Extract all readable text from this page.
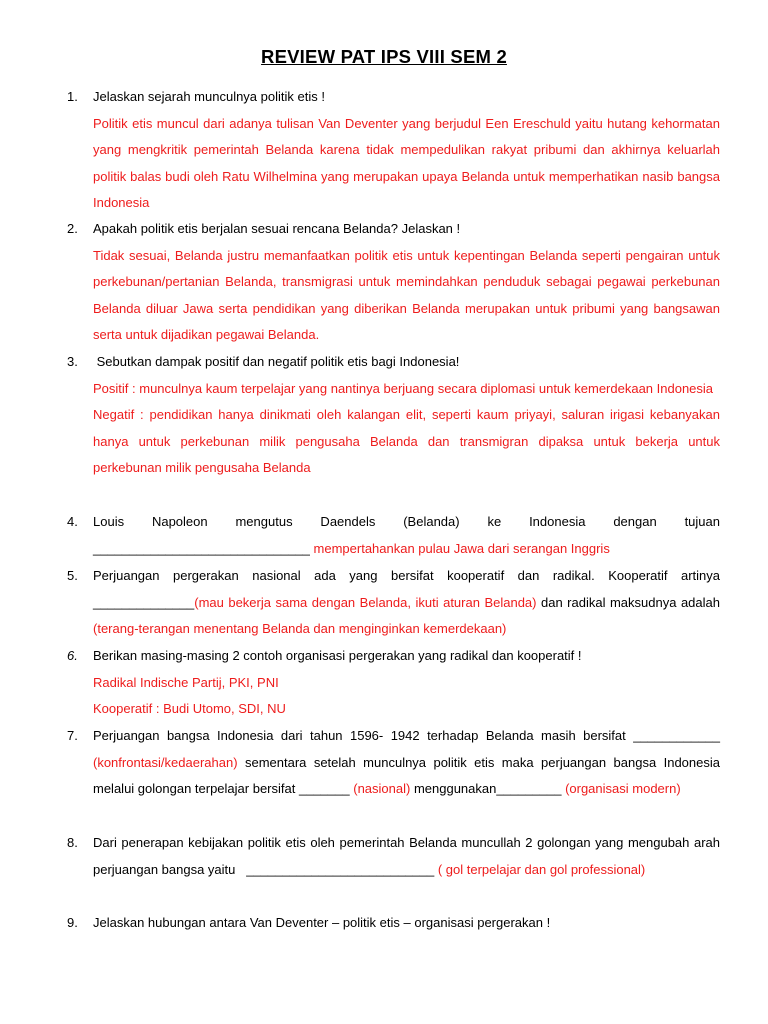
REVIEW PAT IPS VIII SEM 2
1. Jelaskan sejarah munculnya politik etis !

Politik etis muncul dari adanya tulisan Van Deventer yang berjudul Een Ereschuld yaitu hutang kehormatan yang mengkritik pemerintah Belanda karena tidak mempedulikan rakyat pribumi dan akhirnya keluarlah politik balas budi oleh Ratu Wilhelmina yang merupakan upaya Belanda untuk memperhatikan nasib bangsa Indonesia

2. Apakah politik etis berjalan sesuai rencana Belanda? Jelaskan !

Tidak sesuai, Belanda justru memanfaatkan politik etis untuk kepentingan Belanda seperti pengairan untuk perkebunan/pertanian Belanda, transmigrasi untuk memindahkan penduduk sebagai pegawai perkebunan Belanda diluar Jawa serta pendidikan yang diberikan Belanda merupakan untuk pribumi yang bangsawan serta untuk dijadikan pegawai Belanda.

3. Sebutkan dampak positif dan negatif politik etis bagi Indonesia!

Positif : munculnya kaum terpelajar yang nantinya berjuang secara diplomasi untuk kemerdekaan Indonesia

Negatif : pendidikan hanya dinikmati oleh kalangan elit, seperti kaum priyayi, saluran irigasi kebanyakan hanya untuk perkebunan milik pengusaha Belanda dan transmigran dipaksa untuk bekerja untuk perkebunan milik pengusaha Belanda

4. Louis Napoleon mengutus Daendels (Belanda) ke Indonesia dengan tujuan ______________________________ mempertahankan pulau Jawa dari serangan Inggris

5. Perjuangan pergerakan nasional ada yang bersifat kooperatif dan radikal. Kooperatif artinya ______________(mau bekerja sama dengan Belanda, ikuti aturan Belanda) dan radikal maksudnya adalah (terang-terangan menentang Belanda dan menginginkan kemerdekaan)

6. Berikan masing-masing 2 contoh organisasi pergerakan yang radikal dan kooperatif !

Radikal Indische Partij, PKI, PNI

Kooperatif : Budi Utomo, SDI, NU

7. Perjuangan bangsa Indonesia dari tahun 1596- 1942 terhadap Belanda masih bersifat ____________ (konfrontasi/kedaerahan) sementara setelah munculnya politik etis maka perjuangan bangsa Indonesia melalui golongan terpelajar bersifat _______ (nasional) menggunakan_________ (organisasi modern)

8. Dari penerapan kebijakan politik etis oleh pemerintah Belanda muncullah 2 golongan yang mengubah arah perjuangan bangsa yaitu __________________________ ( gol terpelajar dan gol professional)

9. Jelaskan hubungan antara Van Deventer – politik etis – organisasi pergerakan !
